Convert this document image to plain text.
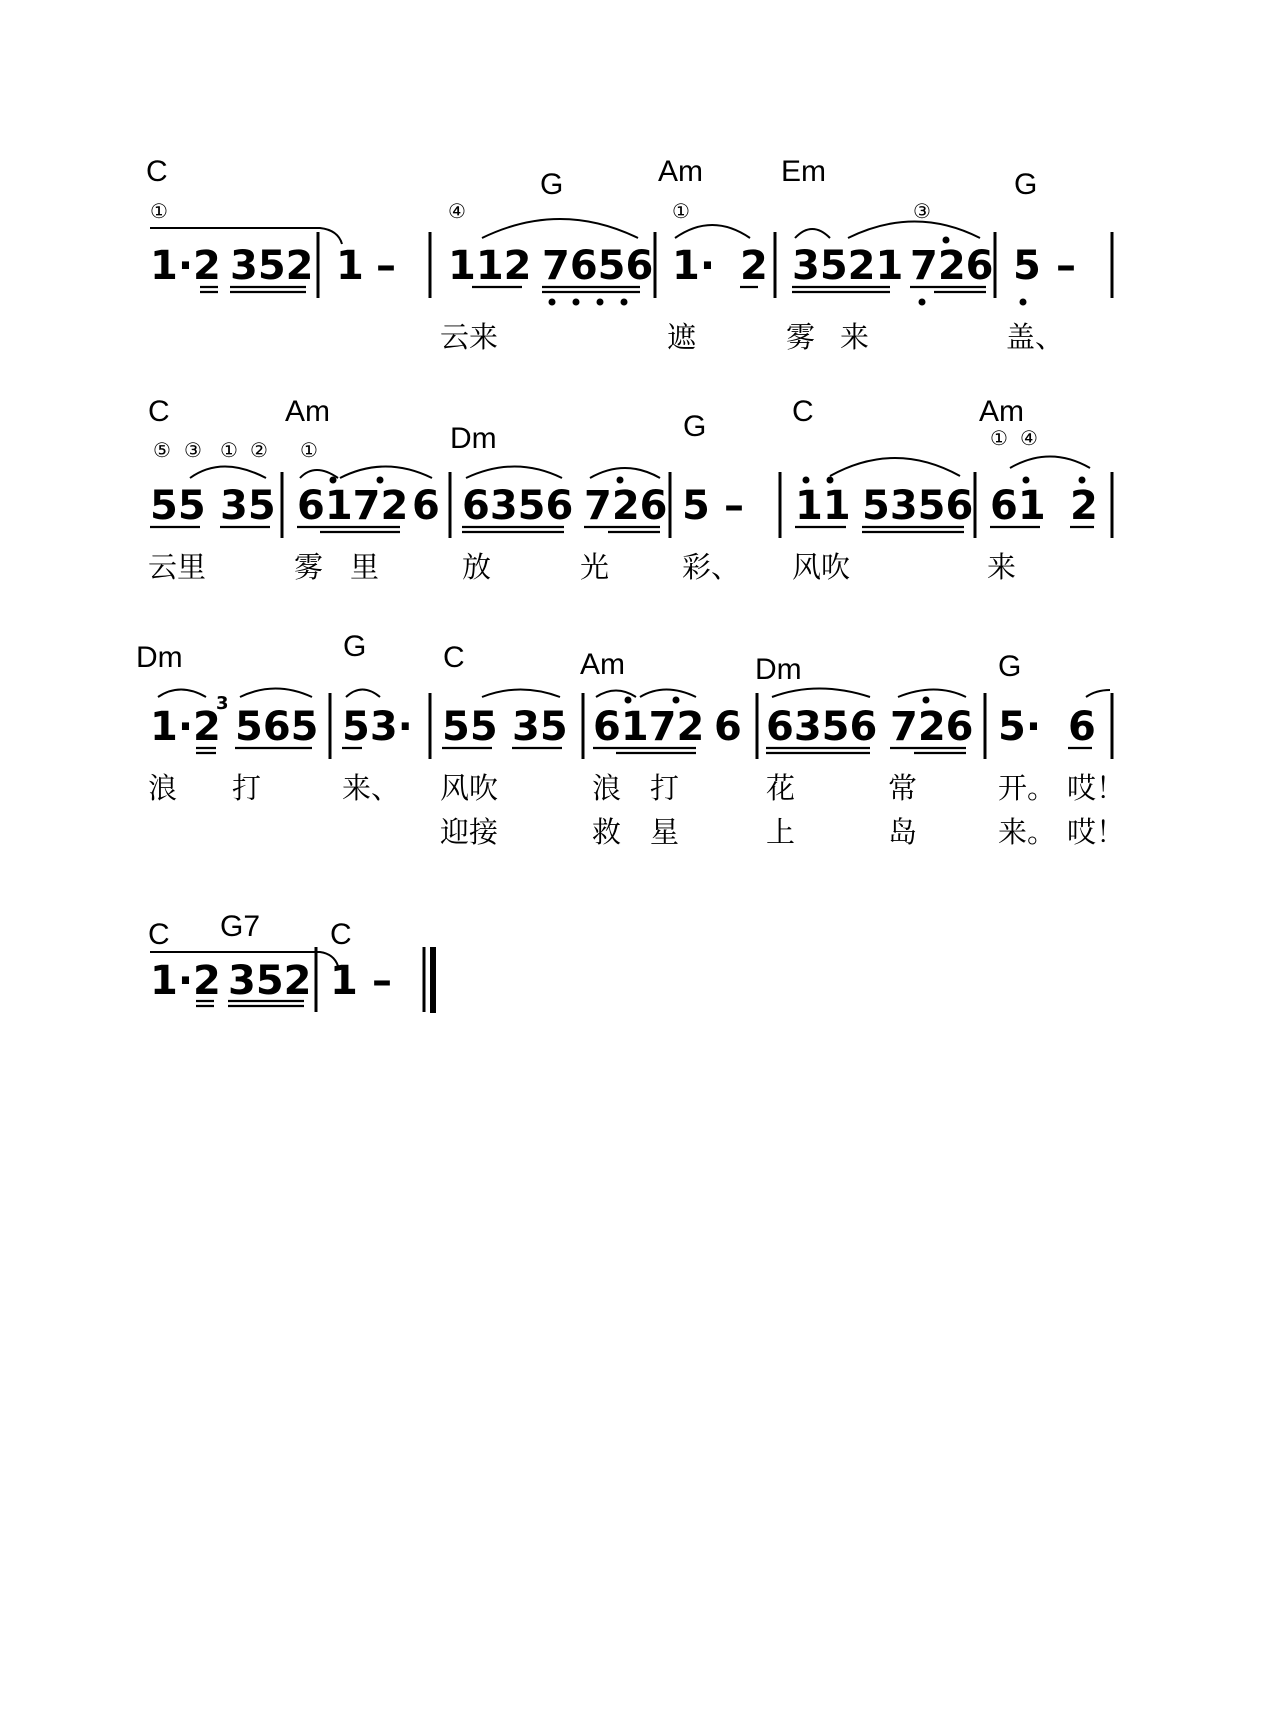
C	G	Am	Em	G
①	④	①	③
1·2 352 1 – 112 7656 1· 2 3521 726 5 –
云来	遮	雾 来	盖、
C	Am
Dm	G	C	Am
⑤ ③ ① ② ①	① ④
55 35 6172 6 6356 726 5 – 11 5356 61 2
云里	雾 里	放	光	彩、 风吹	来
Dm	G	C	Am	Dm	G
1·2
3
565 53· 55 35 6172 6 6356 726 5· 6
浪 打	来、 风吹	浪 打	花	常	开。 哎！
迎接	救 星	上	岛	来。 哎！
C G7 C
1·2 352 1 –
